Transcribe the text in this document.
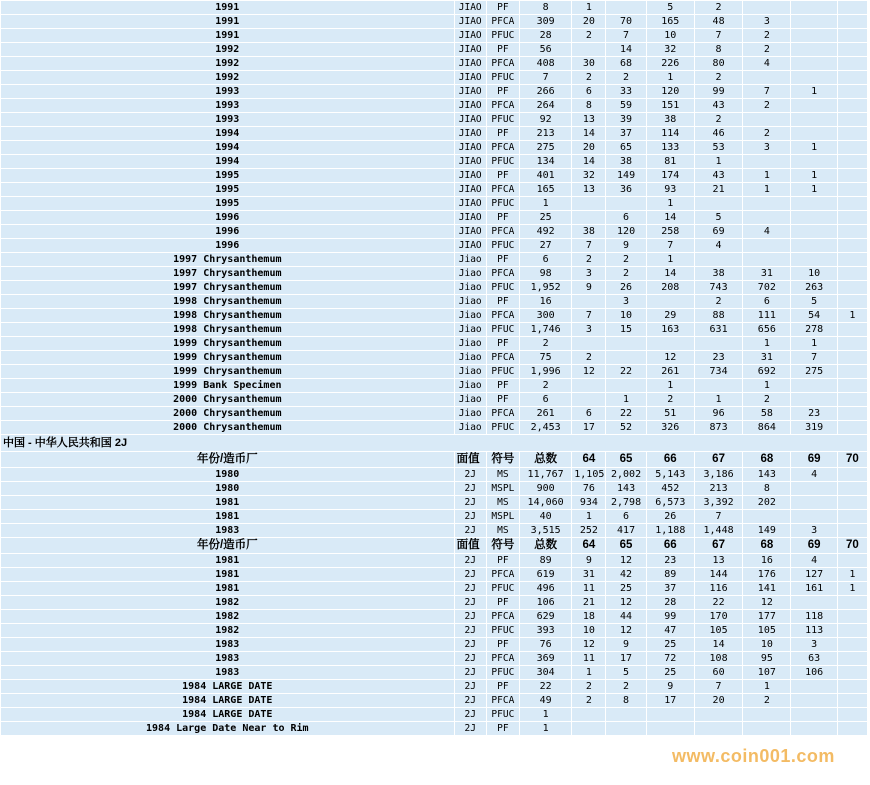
1991	JIAO	PF	8	1		5	2			
1991	JIAO	PFCA	309	20	70	165	48	3		
1991	JIAO	PFUC	28	2	7	10	7	2		
1992	JIAO	PF	56		14	32	8	2		
1992	JIAO	PFCA	408	30	68	226	80	4		
1992	JIAO	PFUC	7	2	2	1	2			
1993	JIAO	PF	266	6	33	120	99	7	1	
1993	JIAO	PFCA	264	8	59	151	43	2		
1993	JIAO	PFUC	92	13	39	38	2			
1994	JIAO	PF	213	14	37	114	46	2		
1994	JIAO	PFCA	275	20	65	133	53	3	1	
1994	JIAO	PFUC	134	14	38	81	1			
1995	JIAO	PF	401	32	149	174	43	1	1	
1995	JIAO	PFCA	165	13	36	93	21	1	1	
1995	JIAO	PFUC	1			1				
1996	JIAO	PF	25		6	14	5			
1996	JIAO	PFCA	492	38	120	258	69	4		
1996	JIAO	PFUC	27	7	9	7	4			
1997 Chrysanthemum	Jiao	PF	6	2	2	1				
1997 Chrysanthemum	Jiao	PFCA	98	3	2	14	38	31	10	
1997 Chrysanthemum	Jiao	PFUC	1,952	9	26	208	743	702	263	
1998 Chrysanthemum	Jiao	PF	16		3		2	6	5	
1998 Chrysanthemum	Jiao	PFCA	300	7	10	29	88	111	54	1
1998 Chrysanthemum	Jiao	PFUC	1,746	3	15	163	631	656	278	
1999 Chrysanthemum	Jiao	PF	2					1	1	
1999 Chrysanthemum	Jiao	PFCA	75	2		12	23	31	7	
1999 Chrysanthemum	Jiao	PFUC	1,996	12	22	261	734	692	275	
1999 Bank Specimen	Jiao	PF	2			1		1		
2000 Chrysanthemum	Jiao	PF	6		1	2	1	2		
2000 Chrysanthemum	Jiao	PFCA	261	6	22	51	96	58	23	
2000 Chrysanthemum	Jiao	PFUC	2,453	17	52	326	873	864	319	
中国 - 中华人民共和国 2J										
年份/造币厂	面值	符号	总数	64	65	66	67	68	69	70
1980	2J	MS	11,767	1,105	2,002	5,143	3,186	143	4	
1980	2J	MSPL	900	76	143	452	213	8		
1981	2J	MS	14,060	934	2,798	6,573	3,392	202		
1981	2J	MSPL	40	1	6	26	7			
1983	2J	MS	3,515	252	417	1,188	1,448	149	3	
年份/造币厂	面值	符号	总数	64	65	66	67	68	69	70
1981	2J	PF	89	9	12	23	13	16	4	
1981	2J	PFCA	619	31	42	89	144	176	127	1
1981	2J	PFUC	496	11	25	37	116	141	161	1
1982	2J	PF	106	21	12	28	22	12		
1982	2J	PFCA	629	18	44	99	170	177	118	
1982	2J	PFUC	393	10	12	47	105	105	113	
1983	2J	PF	76	12	9	25	14	10	3	
1983	2J	PFCA	369	11	17	72	108	95	63	
1983	2J	PFUC	304	1	5	25	60	107	106	
1984 LARGE DATE	2J	PF	22	2	2	9	7	1		
1984 LARGE DATE	2J	PFCA	49	2	8	17	20	2		
1984 LARGE DATE	2J	PFUC	1							
1984 Large Date Near to Rim	2J	PF	1							
www.coin001.com
